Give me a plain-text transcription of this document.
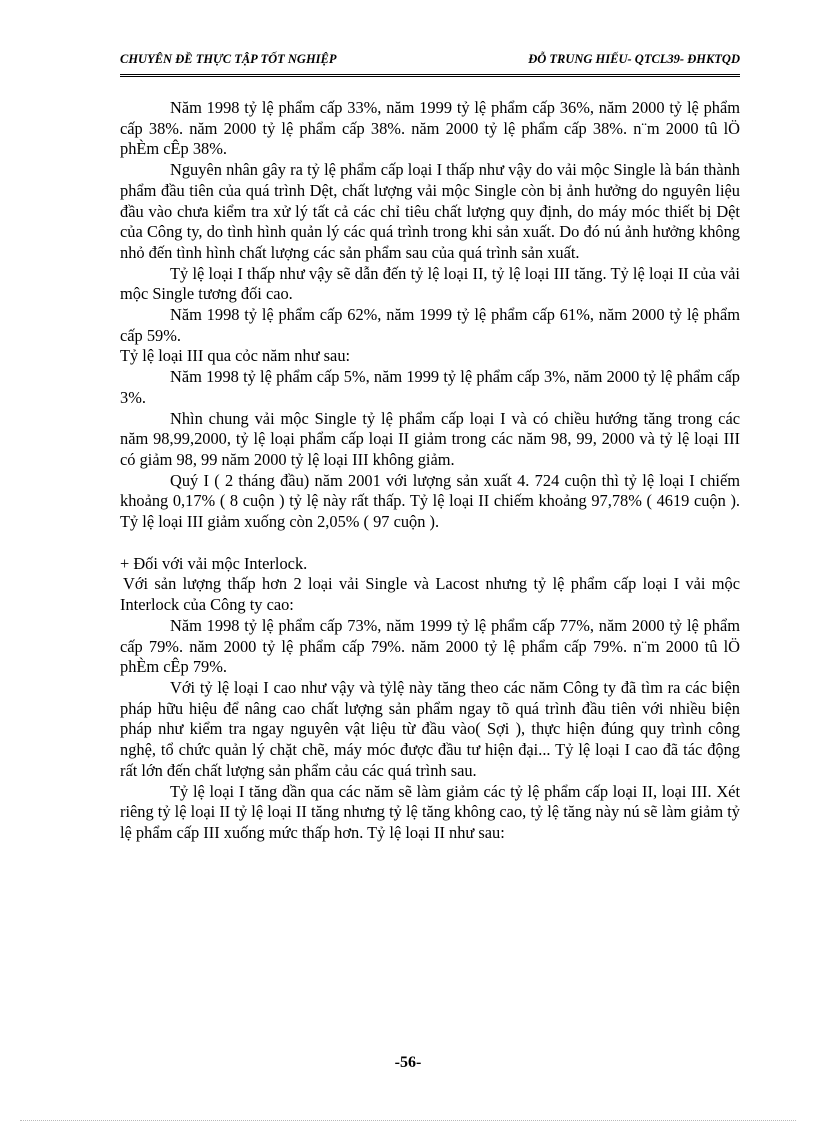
CHUYÊN ĐỀ THỰC TẬP TỐT NGHIỆP	ĐỖ TRUNG HIẾU- QTCL39- ĐHKTQD

Năm 1998 tỷ lệ phẩm cấp 33%, năm 1999 tỷ lệ phẩm cấp 36%, năm 2000 tỷ lệ phẩm cấp 38%. năm 2000 tỷ lệ phẩm cấp 38%. năm 2000 tỷ lệ phẩm cấp 38%. n¨m 2000 tû lÖ phÈm cÊp 38%.

Nguyên nhân gây ra tỷ lệ phẩm cấp loại I thấp như vậy do vải mộc Single là bán thành phẩm đầu tiên của quá trình Dệt, chất lượng vải mộc Single còn bị ảnh hưởng do nguyên liệu đầu vào chưa kiểm tra xử lý tất cả các chỉ tiêu chất lượng quy định, do máy móc thiết bị Dệt của Công ty, do tình hình quản lý các quá trình trong khi sản xuất. Do đó nú ảnh hưởng không nhỏ đến tình hình chất lượng các sản phẩm sau của quá trình sản xuất.

Tỷ lệ loại I thấp như vậy sẽ dẫn đến tỷ lệ loại II, tỷ lệ loại III tăng. Tỷ lệ loại II của vải mộc Single tương đối cao.

Năm 1998 tỷ lệ phẩm cấp 62%, năm 1999 tỷ lệ phẩm cấp 61%, năm 2000 tỷ lệ phẩm cấp 59%.

Tỷ lệ loại III qua cỏc năm như sau:

Năm 1998 tỷ lệ phẩm cấp 5%, năm 1999 tỷ lệ phẩm cấp 3%, năm 2000 tỷ lệ phẩm cấp 3%.

Nhìn chung vải mộc Single tỷ lệ phẩm cấp loại I và có chiều hướng tăng trong các năm 98,99,2000, tỷ lệ loại phẩm cấp loại II giảm trong các năm 98, 99, 2000 và tỷ lệ loại III có giảm 98, 99 năm 2000 tỷ lệ loại III không giảm.

Quý I ( 2 tháng đầu) năm 2001 với lượng sản xuất 4. 724 cuộn thì tỷ lệ loại I chiếm khoảng 0,17% ( 8 cuộn ) tỷ lệ này rất thấp. Tỷ lệ loại II chiếm khoảng 97,78% ( 4619 cuộn ). Tỷ lệ loại III giảm xuống còn 2,05% ( 97 cuộn ).

+ Đối với vải mộc Interlock.

Với sản lượng thấp hơn 2 loại vải Single và Lacost nhưng tỷ lệ phẩm cấp loại I vải mộc Interlock của Công ty cao:

Năm 1998 tỷ lệ phẩm cấp 73%, năm 1999 tỷ lệ phẩm cấp 77%, năm 2000 tỷ lệ phẩm cấp 79%. năm 2000 tỷ lệ phẩm cấp 79%. năm 2000 tỷ lệ phẩm cấp 79%. n¨m 2000 tû lÖ phÈm cÊp 79%.

Với tỷ lệ loại I cao như vậy và tỷlệ này tăng theo các năm Công ty đã tìm ra các biện pháp hữu hiệu để nâng cao chất lượng sản phẩm ngay tõ quá trình đầu tiên với nhiều biện pháp như kiểm tra ngay nguyên vật liệu từ đầu vào( Sợi ), thực hiện đúng quy trình công nghệ, tổ chức quản lý chặt chẽ, máy móc được đầu tư hiện đại... Tỷ lệ loại I cao đã tác động rất lớn đến chất lượng sản phẩm cảu các quá trình sau.

Tỷ lệ loại I tăng dần qua các năm sẽ làm giảm các tỷ lệ phẩm cấp loại II, loại III. Xét riêng tỷ lệ loại II tỷ lệ loại II tăng nhưng tỷ lệ tăng không cao, tỷ lệ tăng này nú sẽ làm giảm tỷ lệ phẩm cấp III xuống mức thấp hơn. Tỷ lệ loại II như sau:

-56-
